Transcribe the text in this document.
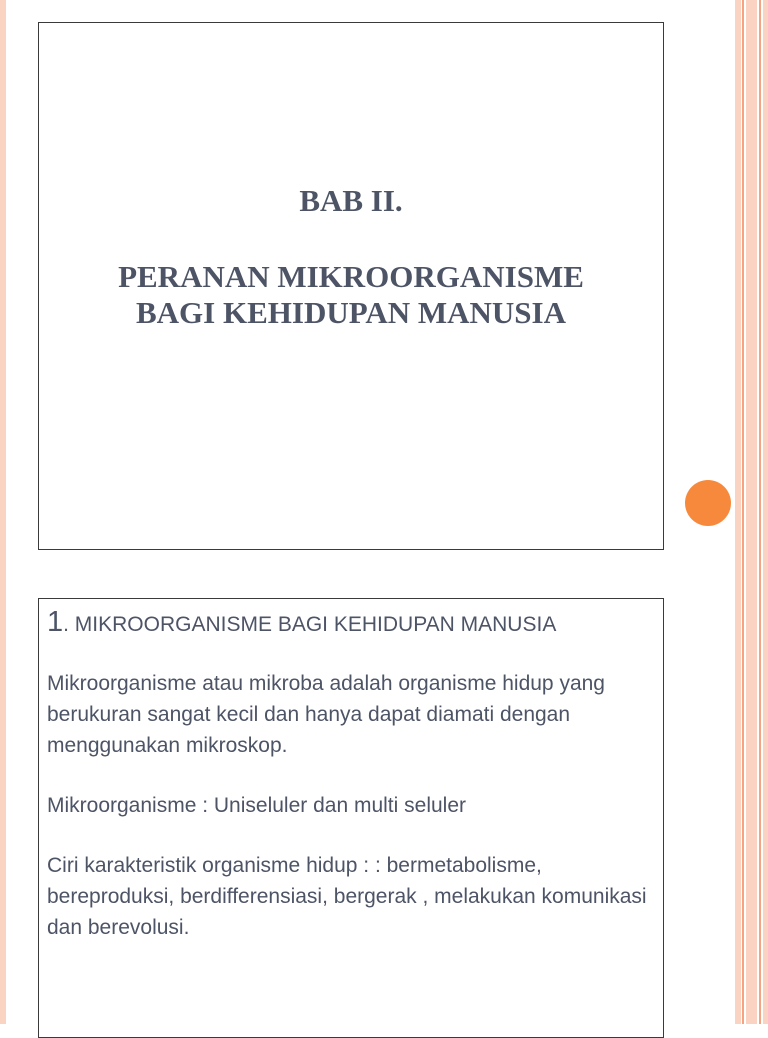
BAB II.

PERANAN MIKROORGANISME

BAGI KEHIDUPAN MANUSIA

1. MIKROORGANISME BAGI KEHIDUPAN MANUSIA

Mikroorganisme atau mikroba adalah organisme hidup yang berukuran sangat kecil dan hanya dapat diamati dengan menggunakan mikroskop.

Mikroorganisme : Uniseluler dan multi seluler

Ciri karakteristik organisme hidup : : bermetabolisme, bereproduksi, berdifferensiasi, bergerak , melakukan komunikasi dan berevolusi.
